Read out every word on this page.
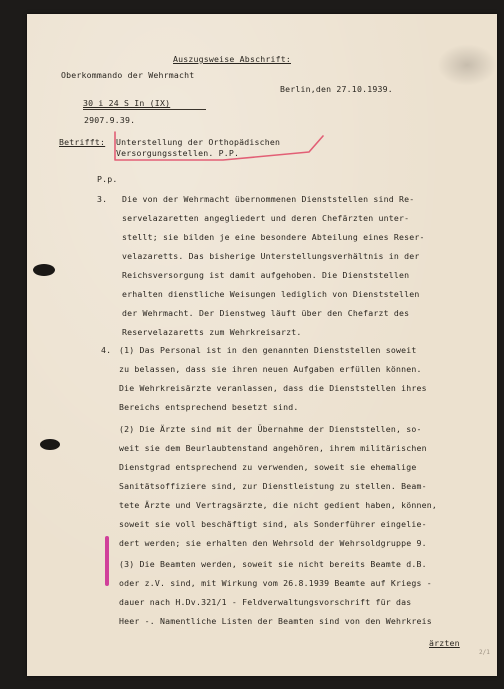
Auszugsweise Abschrift:
Oberkommando der Wehrmacht
Berlin,den 27.10.1939.
30 i 24 S In (IX)
2907.9.39.
Betrifft: Unterstellung der Orthopädischen
Versorgungsstellen. P.P.
P.p.
3. Die von der Wehrmacht übernommenen Dienststellen sind Re-
servelazaretten angegliedert und deren Chefärzten unter-
stellt; sie bilden je eine besondere Abteilung eines Reser-
velazaretts. Das bisherige Unterstellungsverhältnis in der
Reichsversorgung ist damit aufgehoben. Die Dienststellen
erhalten dienstliche Weisungen lediglich von Dienststellen
der Wehrmacht. Der Dienstweg läuft über den Chefarzt des
Reservelazaretts zum Wehrkreisarzt.
4. (1) Das Personal ist in den genannten Dienststellen soweit
zu belassen, dass sie ihren neuen Aufgaben erfüllen können.
Die Wehrkreisärzte veranlassen, dass die Dienststellen ihres
Bereichs entsprechend besetzt sind.
(2) Die Ärzte sind mit der Übernahme der Dienststellen, so-
weit sie dem Beurlaubtenstand angehören, ihrem militärischen
Dienstgrad entsprechend zu verwenden, soweit sie ehemalige
Sanitätsoffiziere sind, zur Dienstleistung zu stellen. Beam-
tete Ärzte und Vertragsärzte, die nicht gedient haben, können,
soweit sie voll beschäftigt sind, als Sonderführer eingelie-
dert werden; sie erhalten den Wehrsold der Wehrsoldgruppe 9.
(3) Die Beamten werden, soweit sie nicht bereits Beamte d.B.
oder z.V. sind, mit Wirkung vom 26.8.1939 Beamte auf Kriegs -
dauer nach H.Dv.321/1 - Feldverwaltungsvorschrift für das
Heer -. Namentliche Listen der Beamten sind von den Wehrkreis
ärzten
2/1
